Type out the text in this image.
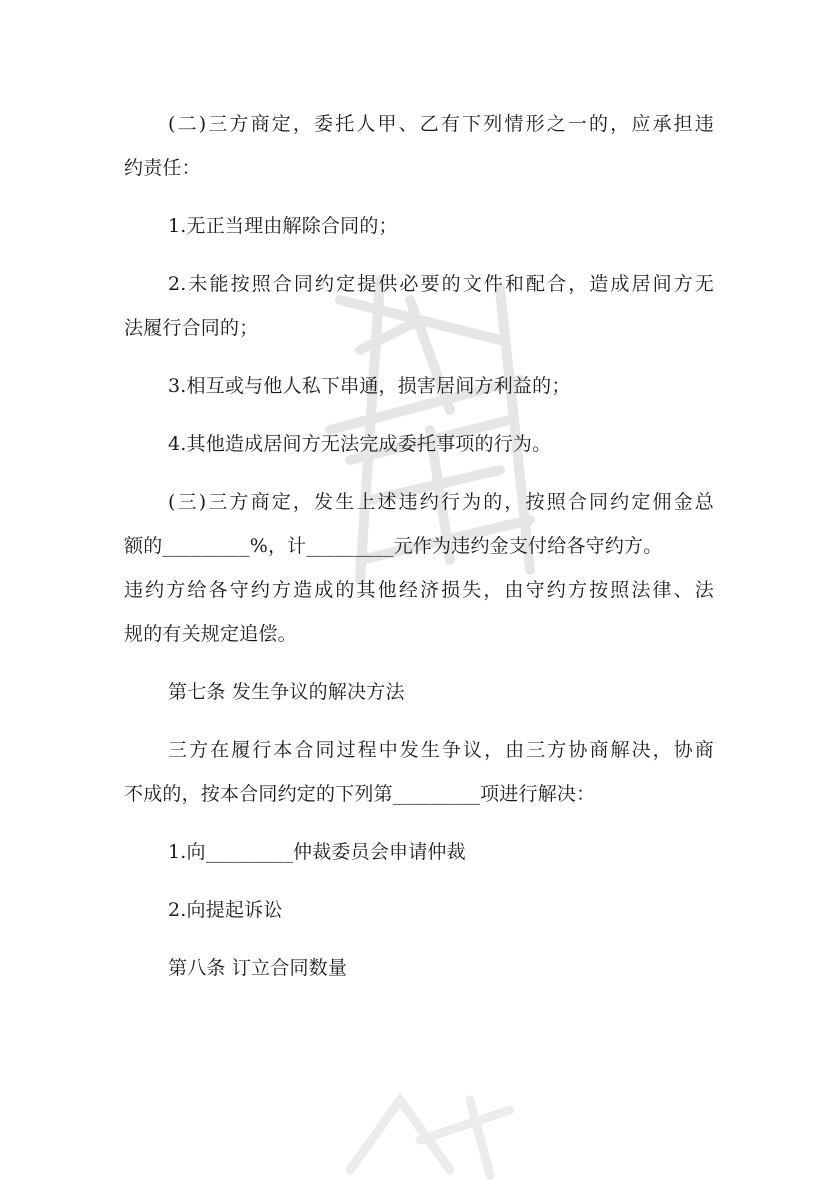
(二)三方商定，委托人甲、乙有下列情形之一的，应承担违
约责任：
1.无正当理由解除合同的；
2.未能按照合同约定提供必要的文件和配合，造成居间方无
法履行合同的；
3.相互或与他人私下串通，损害居间方利益的；
4.其他造成居间方无法完成委托事项的行为。
(三)三方商定，发生上述违约行为的，按照合同约定佣金总
额的_________%，计_________元作为违约金支付给各守约方。
违约方给各守约方造成的其他经济损失，由守约方按照法律、法
规的有关规定追偿。
第七条 发生争议的解决方法
三方在履行本合同过程中发生争议，由三方协商解决，协商
不成的，按本合同约定的下列第_________项进行解决：
1.向_________仲裁委员会申请仲裁
2.向提起诉讼
第八条 订立合同数量
